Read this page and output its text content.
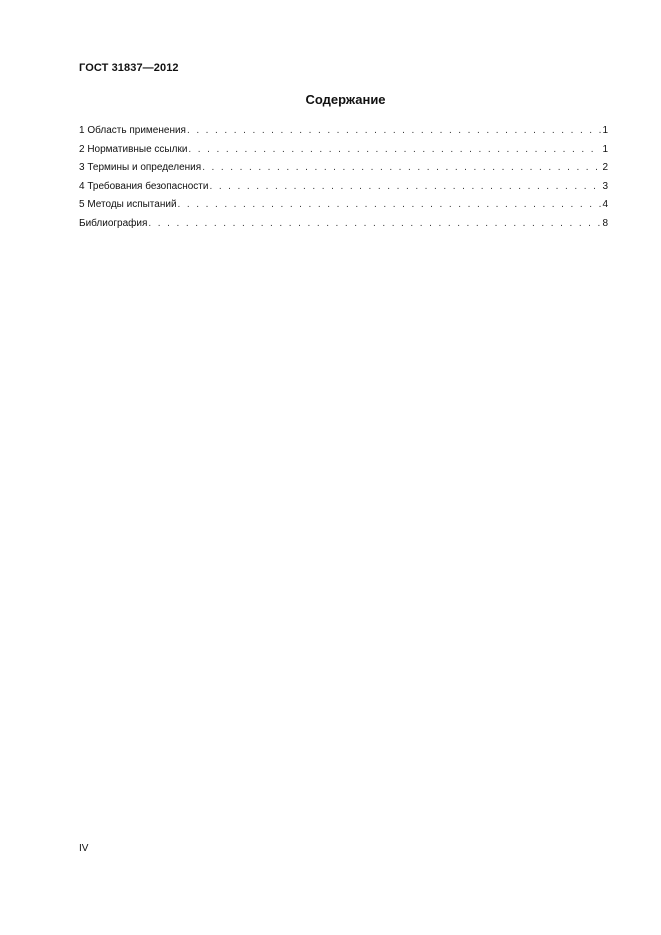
ГОСТ 31837—2012
Содержание
1 Область применения . . .	1
2 Нормативные ссылки . . .	1
3 Термины и определения . . .	2
4 Требования безопасности . . .	3
5 Методы испытаний . . .	4
Библиография . . .	8
IV
